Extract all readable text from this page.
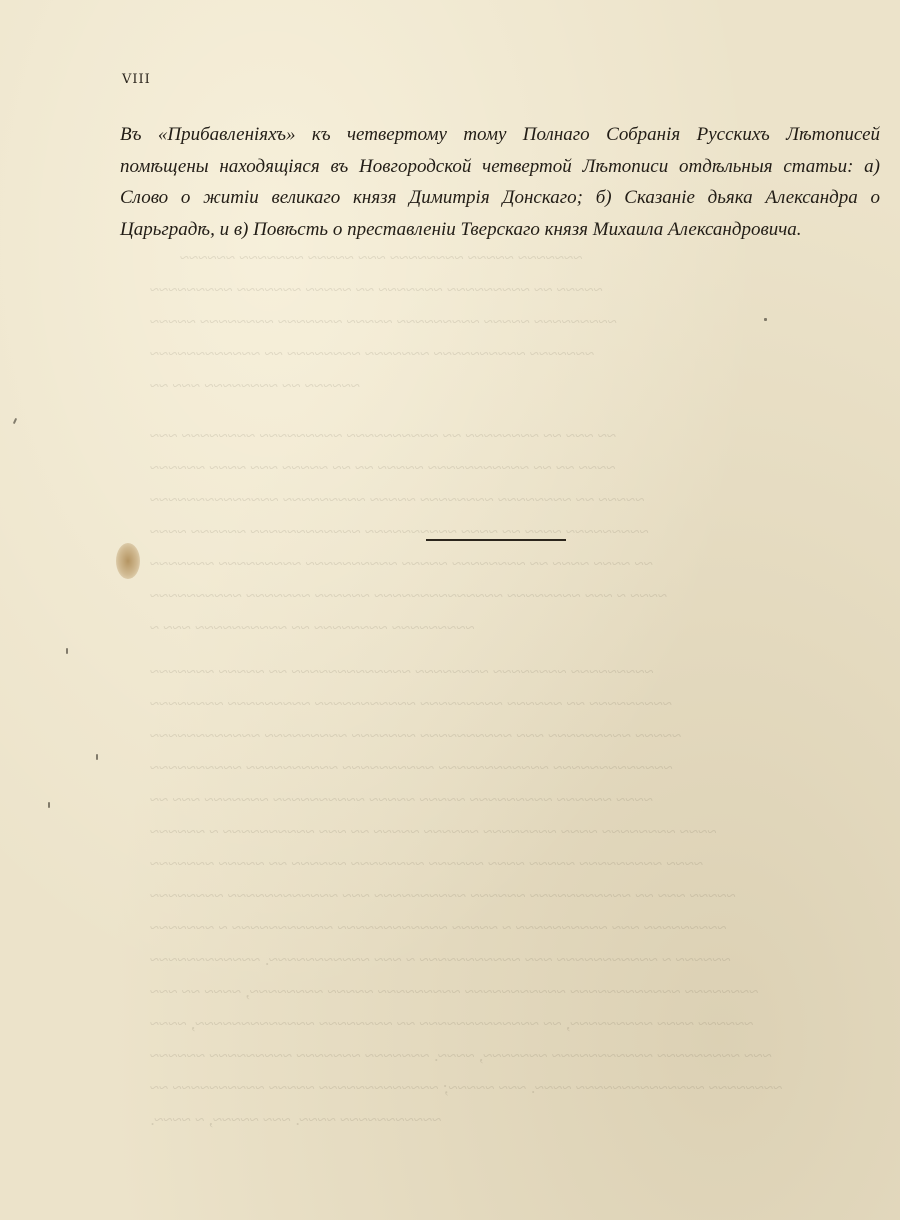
~~~~~~~ ~~~~~ ~~~~~~~~ ~~~ ~~~~~ ~~~~~~~ ~~~~~~
~~~~~ ~~ ~~~~~~~~~ ~~~~~~~ ~~ ~~~~~ ~~~~~~~ ~~~~~~~~~
~~~~~~~~~ ~~~~~ ~~~~~~~~~ ~~~~~ ~~~~~~~ ~~~~~~~~ ~~~~~
~~~~~~~ ~~~~~~~~~~ ~~~~~~~ ~~~~~~~~ ~~ ~~~~~~~~~~~~
~~~~~~ ~~ ~~~~~~~~ ~~~ ~~
~~ ~~~ ~~ ~~~~~~~~ ~~ ~~~~~~~~~~ ~~~~~~~~~ ~~~~~~~~ ~~~
~~~~ ~~ ~~ ~~~~~~~~~~~ ~~~~~ ~~ ~~ ~~~~~ ~~~ ~~~~ ~~~~~~
~~~~~ ~~ ~~~~~~~~ ~~~~~~~~ ~~~~~ ~~~~~~~~~ ~~~~~~~~~~~~~~
~~~~~~~~~ ~~~~ ~~ ~~~~ ~~~~~~~~~~ ~~~~~~~~~~~~ ~~~~~~ ~~~~
~~ ~~~~ ~~~~ ~~ ~~~~~~~~ ~~~~~ ~~~~~~~~~~ ~~~~~~~~~ ~~~~~~~
~~~~ ~ ~~~ ~~~~~~~~ ~~~~~~~~~~~~~~ ~~~~~~ ~~~~~~~ ~~~~~~~~~~
~~~~~~~~~ ~~~~~~~~ ~~ ~~~~~~~~~~ ~~~ ~
~~~~~~~~~ ~~~~~~~~ ~~~~~~~~ ~~~~~~~~~~~~~ ~~ ~~~~~ ~~~~~~~
~~~~~~~~~ ~~ ~~~~~~ ~~~~~~~~~ ~~~~~~~~~~~ ~~~~~~~~~ ~~~~~~~~
~~~~~ ~~~~~~~~~ ~~~ ~~~~~~~~~~ ~~~~~~~ ~~~~~~~~~ ~~~~~~~~~~~~
~~~~~~~~~~~~~ ~~~~~~~~~~~~ ~~~~~~~~~~ ~~~~~~~~~~ ~~~~~~~~~~
~~~~ ~~~~~~ ~~~~~~~~~ ~~~~~ ~~~~~ ~~~~~~~~~~ ~~~~~~~ ~~~ ~~
~~~~ ~~~~~~~~ ~~~~ ~~~~~~~~ ~~~~~~ ~~~~~ ~~ ~~~ ~~~~~~~~~~ ~ ~~~~~~
~~~~ ~~~~~~~~~ ~~~~~ ~~~~ ~~~~~~ ~~~~~~~~ ~~~~~~ ~~ ~~~~~ ~~~~~~~
~~~~~ ~~~ ~~ ~~~~~~~~~~~ ~~~~~~ ~~~~~~~~~~ ~~~ ~~~~~~~~~~~~ ~~~~~~~~
~~~~~~~~~ ~~~ ~~~~~~~~~~ ~ ~~~~~ ~~~~~~~~~~~~ ~~~~~~~~~~~ ~ ~~~~~~~
~~~~~~ ~ ~~~~~~~~~~~ ~~~ ~~~~~~~~~~~ ~ ~~~ ~~~~~~~~~~~. ~~~~~~~~~~~~
~~~~~~~~ ~~~~~~~~~~~~ ~~~~~~~~~~~ ~~~~~~~~~ ~~~~~ ~~~~~~~~, ~~~~ ~~ ~~~
~~~~~~ ~~~~ ~~~~~~~~~, ~~ ~~~~~~~~~~~~~ ~~ ~~~~~~~~ ~~~~~~~~~~~~~, ~~~~
~~~ ~~~~~~~~~ ~~~~~~~~~~~ ~~~~~~~, ~~~~. ~~~~~~~ ~~~~~~~ ~~~~~~~~~ ~~~~~~
~~~~~~~~ ~~~~~~~~~~~~~~ ~~~~. ~~~ ~~~~~; ~~~~~~~~~~~~~ ~~~~~ ~~~~~~~~~~ ~~
~~~~~~~~~~~ ~~~~. ~~~ ~~~~~, ~ ~~~~.
VIII

Въ «Прибавленіяхъ» къ четвертому тому Полнаго Собранія Русскихъ Лѣтописей помѣщены находящіяся въ Новгородской четвертой Лѣтописи отдѣльныя статьи: а) Слово о житіи великаго князя Димитрія Донскаго; б) Сказаніе дьяка Александра о Царьградѣ, и в) Повѣсть о преставленіи Тверскаго князя Михаила Александровича.
